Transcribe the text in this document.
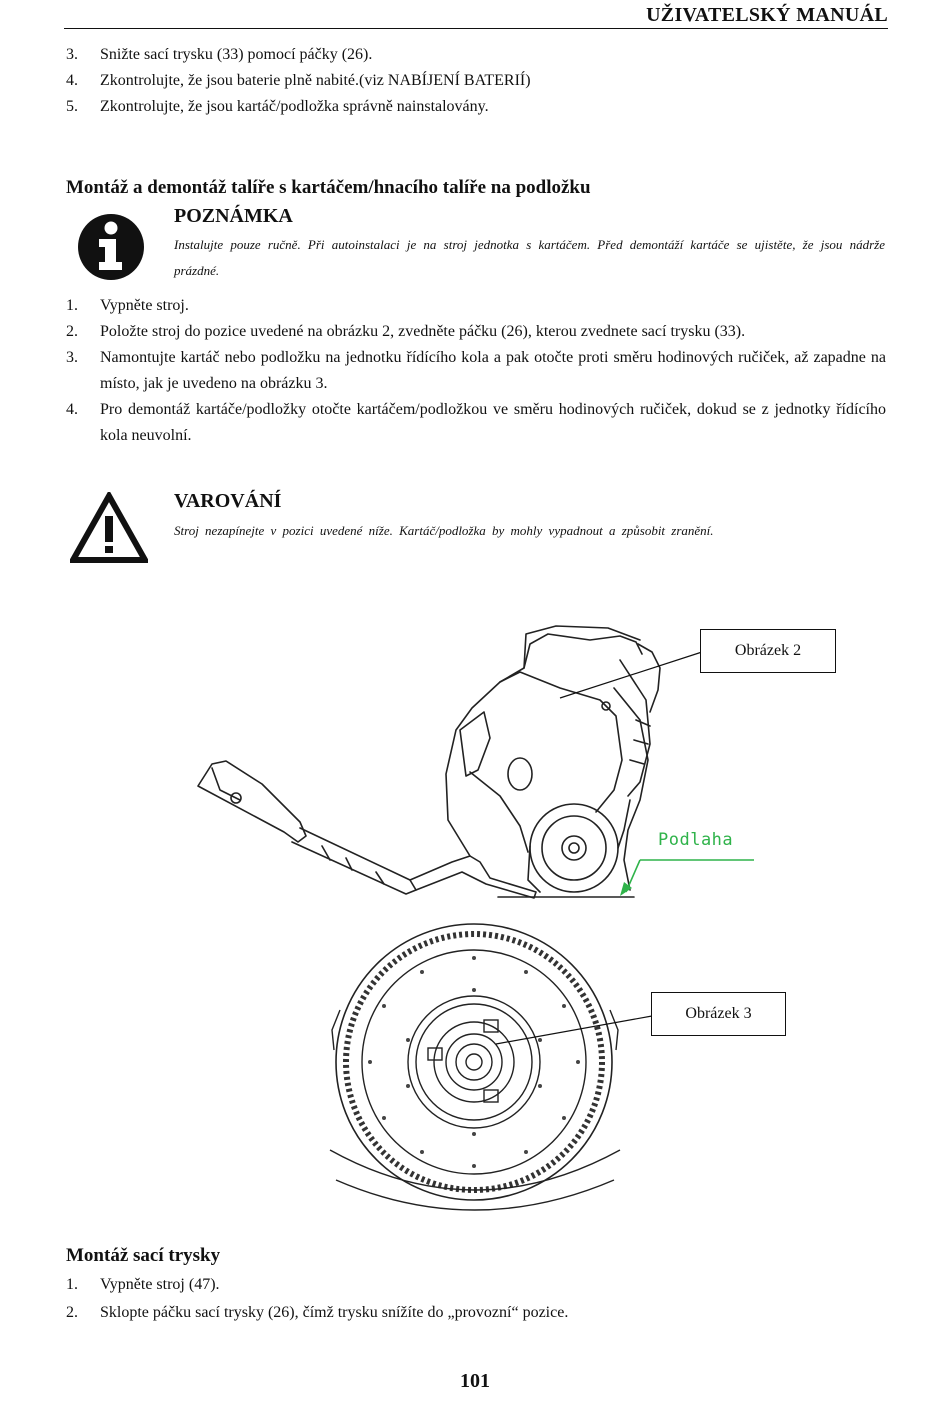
UŽIVATELSKÝ MANUÁL
3. Snižte sací trysku (33) pomocí páčky (26).
4. Zkontrolujte, že jsou baterie plně nabité.(viz NABÍJENÍ BATERIÍ)
5. Zkontrolujte, že jsou kartáč/podložka správně nainstalovány.
Montáž a demontáž talíře s kartáčem/hnacího talíře na podložku
POZNÁMKA
Instalujte pouze ručně. Při autoinstalaci je na stroj jednotka s kartáčem. Před demontáží kartáče se ujistěte, že jsou nádrže prázdné.
1. Vypněte stroj.
2. Položte stroj do pozice uvedené na obrázku 2, zvedněte páčku (26), kterou zvednete sací trysku (33).
3. Namontujte kartáč nebo podložku na jednotku řídícího kola a pak otočte proti směru hodinových ručiček, až zapadne na místo, jak je uvedeno na obrázku 3.
4. Pro demontáž kartáče/podložky otočte kartáčem/podložkou ve směru hodinových ručiček, dokud se z jednotky řídícího kola neuvolní.
VAROVÁNÍ
Stroj nezapínejte v pozici uvedené níže. Kartáč/podložka by mohly vypadnout a způsobit zranění.
Obrázek 2
Podlaha
Obrázek 3
Montáž sací trysky
1. Vypněte stroj (47).
2. Sklopte páčku sací trysky (26), čímž trysku snížíte do „provozní“ pozice.
101
